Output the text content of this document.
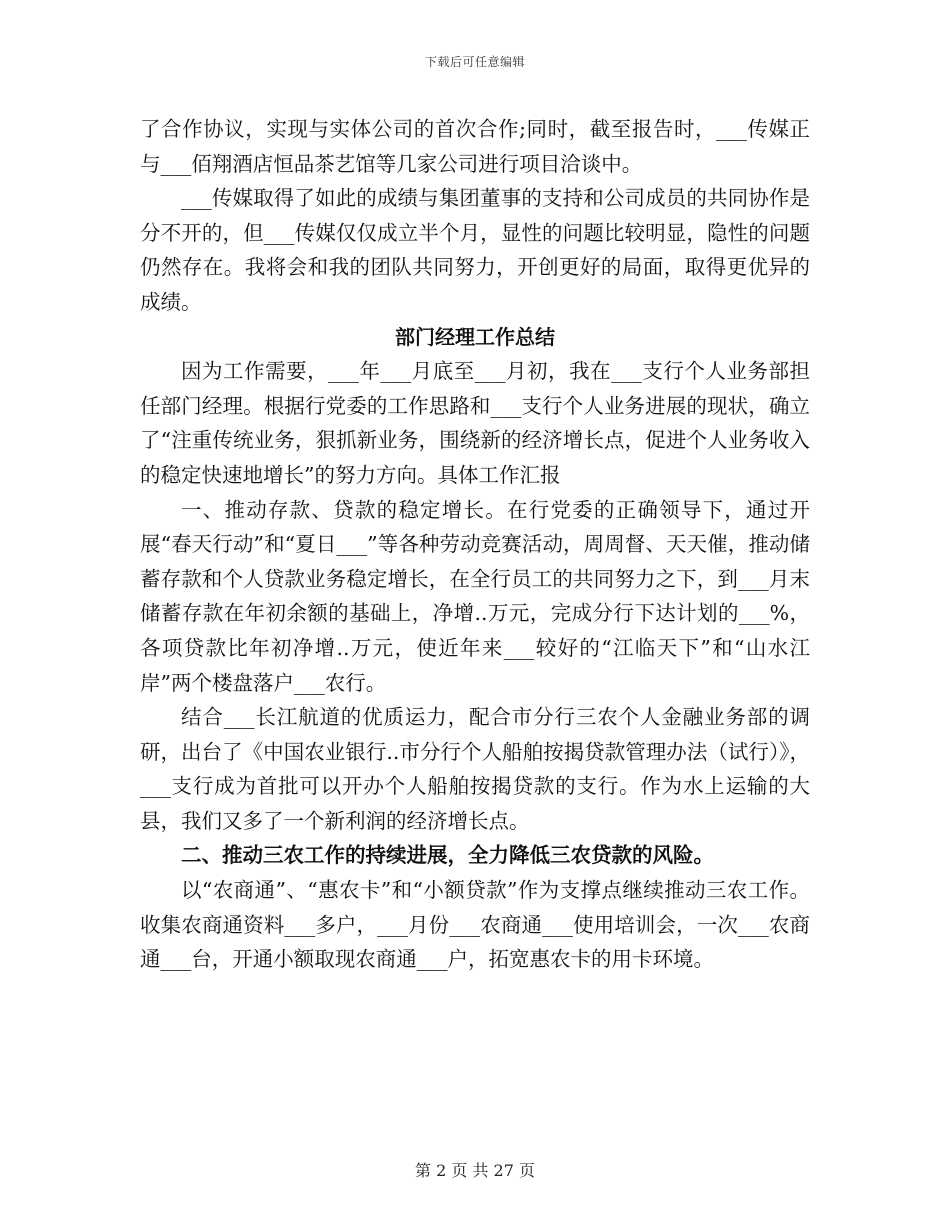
下载后可任意编辑

了合作协议，实现与实体公司的首次合作;同时，截至报告时，___传媒正与___佰翔酒店恒品茶艺馆等几家公司进行项目洽谈中。

___传媒取得了如此的成绩与集团董事的支持和公司成员的共同协作是分不开的，但___传媒仅仅成立半个月，显性的问题比较明显，隐性的问题仍然存在。我将会和我的团队共同努力，开创更好的局面，取得更优异的成绩。

部门经理工作总结

因为工作需要，___年___月底至___月初，我在___支行个人业务部担任部门经理。根据行党委的工作思路和___支行个人业务进展的现状，确立了“注重传统业务，狠抓新业务，围绕新的经济增长点，促进个人业务收入的稳定快速地增长”的努力方向。具体工作汇报

一、推动存款、贷款的稳定增长。在行党委的正确领导下，通过开展“春天行动”和“夏日___”等各种劳动竞赛活动，周周督、天天催，推动储蓄存款和个人贷款业务稳定增长，在全行员工的共同努力之下，到___月末储蓄存款在年初余额的基础上，净增..万元，完成分行下达计划的___%，各项贷款比年初净增..万元，使近年来___较好的“江临天下”和“山水江岸”两个楼盘落户___农行。

结合___长江航道的优质运力，配合市分行三农个人金融业务部的调研，出台了《中国农业银行..市分行个人船舶按揭贷款管理办法（试行）》，___支行成为首批可以开办个人船舶按揭贷款的支行。作为水上运输的大县，我们又多了一个新利润的经济增长点。

二、推动三农工作的持续进展，全力降低三农贷款的风险。

以“农商通”、“惠农卡”和“小额贷款”作为支撑点继续推动三农工作。收集农商通资料___多户，___月份___农商通___使用培训会，一次___农商通___台，开通小额取现农商通___户，拓宽惠农卡的用卡环境。

第 2 页 共 27 页
